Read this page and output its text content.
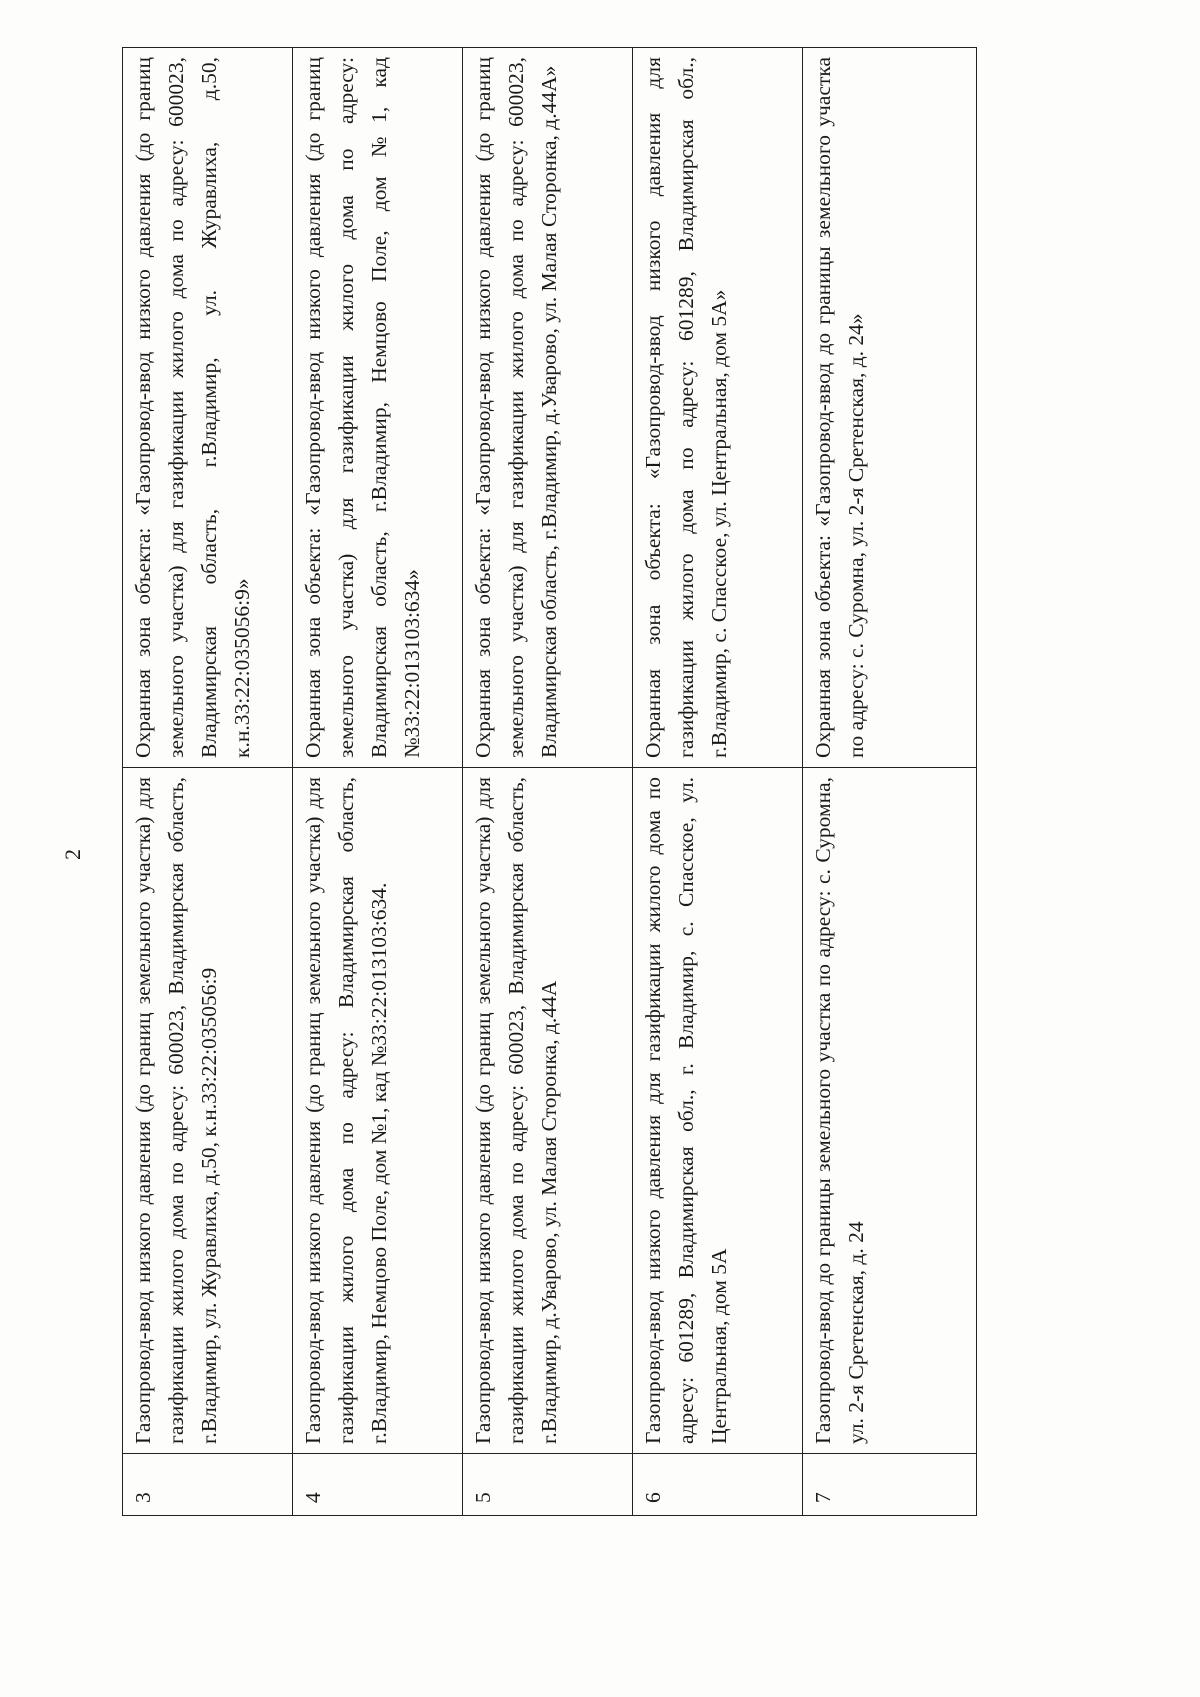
2
3	Газопровод-ввод низкого давления (до границ земельного участка) для газификации жилого дома по адресу: 600023, Владимирская область, г.Владимир, ул. Журавлиха, д.50, к.н.33:22:035056:9	Охранная зона объекта: «Газопровод-ввод низкого давления (до границ земельного участка) для газификации жилого дома по адресу: 600023, Владимирская область, г.Владимир, ул. Журавлиха, д.50, к.н.33:22:035056:9»
4	Газопровод-ввод низкого давления (до границ земельного участка) для газификации жилого дома по адресу: Владимирская область, г.Владимир, Немцово Поле, дом №1, кад №33:22:013103:634.	Охранная зона объекта: «Газопровод-ввод низкого давления (до границ земельного участка) для газификации жилого дома по адресу: Владимирская область, г.Владимир, Немцово Поле, дом №1, кад №33:22:013103:634»
5	Газопровод-ввод низкого давления (до границ земельного участка) для газификации жилого дома по адресу: 600023, Владимирская область, г.Владимир, д.Уварово, ул. Малая Сторонка, д.44А	Охранная зона объекта: «Газопровод-ввод низкого давления (до границ земельного участка) для газификации жилого дома по адресу: 600023, Владимирская область, г.Владимир, д.Уварово, ул. Малая Сторонка, д.44А»
6	Газопровод-ввод низкого давления для газификации жилого дома по адресу: 601289, Владимирская обл., г. Владимир, с. Спасское, ул. Центральная, дом 5А	Охранная зона объекта: «Газопровод-ввод низкого давления для газификации жилого дома по адресу: 601289, Владимирская обл., г.Владимир, с. Спасское, ул. Центральная, дом 5А»
7	Газопровод-ввод до границы земельного участка по адресу: с. Суромна, ул. 2-я Сретенская, д. 24	Охранная зона объекта: «Газопровод-ввод до границы земельного участка по адресу: с. Суромна, ул. 2-я Сретенская, д. 24»
